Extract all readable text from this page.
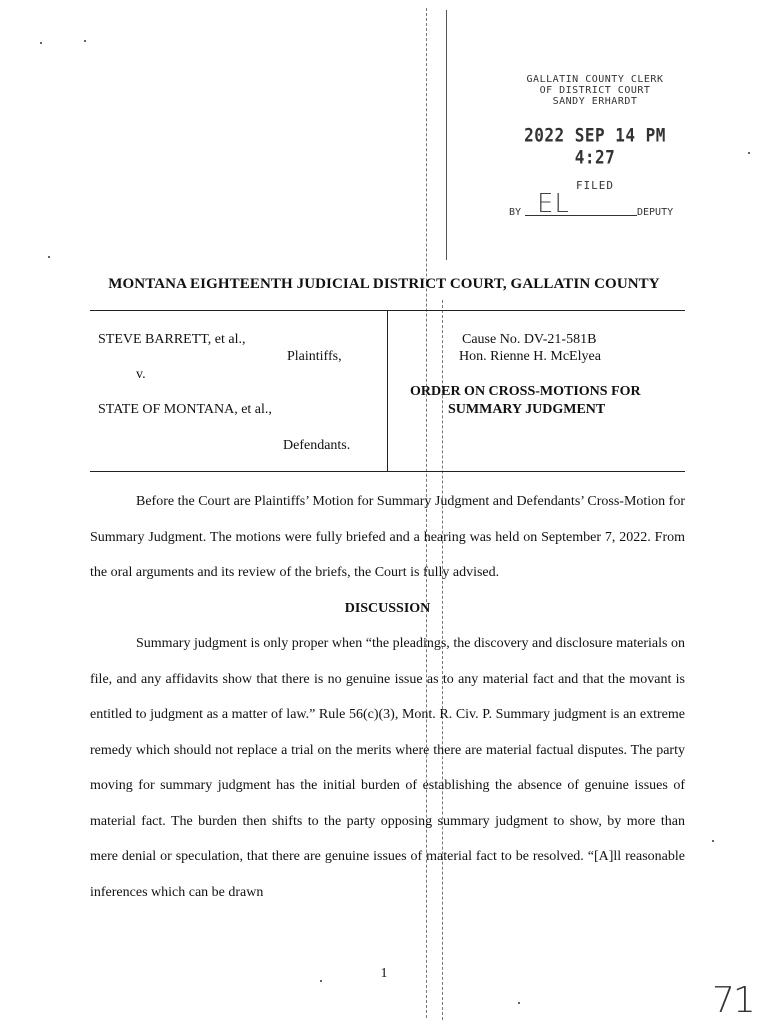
GALLATIN COUNTY CLERK
OF DISTRICT COURT
SANDY ERHARDT
2022 SEP 14 PM 4:27
FILED
BY EL	DEPUTY
MONTANA EIGHTEENTH JUDICIAL DISTRICT COURT, GALLATIN COUNTY
STEVE BARRETT, et al.,
Plaintiffs,
v.
STATE OF MONTANA, et al.,
Defendants.
Cause No. DV-21-581B
Hon. Rienne H. McElyea
ORDER ON CROSS-MOTIONS FOR
SUMMARY JUDGMENT

Before the Court are Plaintiffs’ Motion for Summary Judgment and Defendants’ Cross-Motion for Summary Judgment. The motions were fully briefed and a hearing was held on September 7, 2022. From the oral arguments and its review of the briefs, the Court is fully advised.

DISCUSSION

Summary judgment is only proper when “the pleadings, the discovery and disclosure materials on file, and any affidavits show that there is no genuine issue as to any material fact and that the movant is entitled to judgment as a matter of law.” Rule 56(c)(3), Mont. R. Civ. P. Summary judgment is an extreme remedy which should not replace a trial on the merits where there are material factual disputes. The party moving for summary judgment has the initial burden of establishing the absence of genuine issues of material fact. The burden then shifts to the party opposing summary judgment to show, by more than mere denial or speculation, that there are genuine issues of material fact to be resolved. “[A]ll reasonable inferences which can be drawn

1
71
